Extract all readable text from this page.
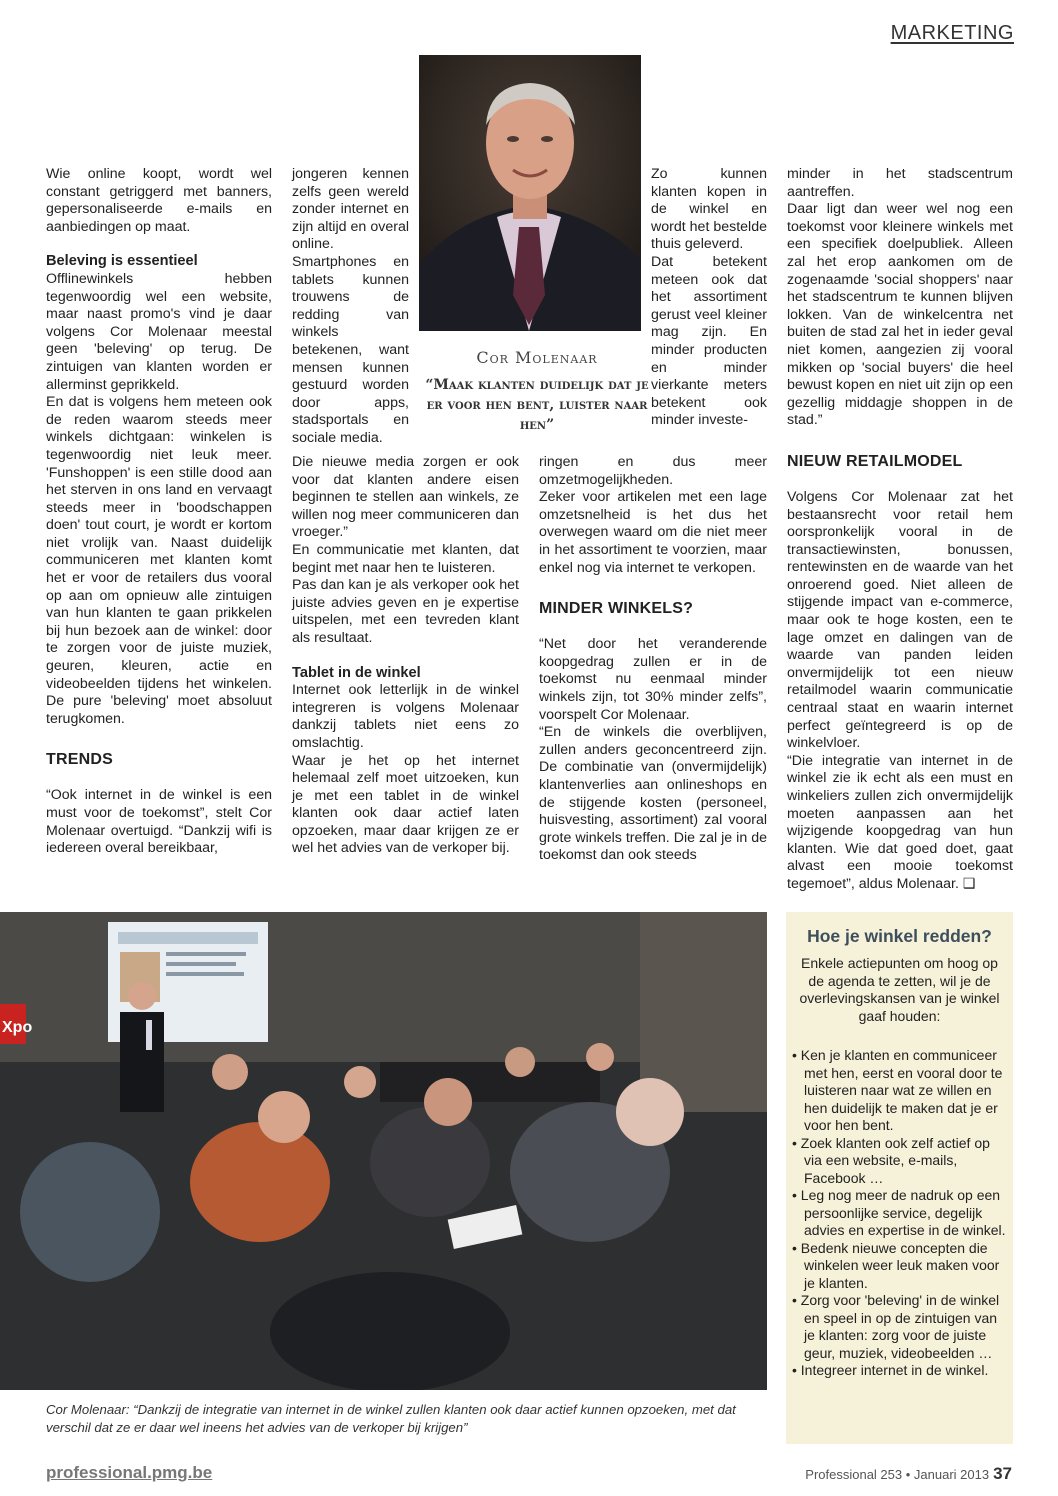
MARKETING

Wie online koopt, wordt wel constant getriggerd met banners, gepersonaliseerde e-mails en aanbiedingen op maat.

Beleving is essentieel

Offlinewinkels hebben tegenwoordig wel een website, maar naast promo's vind je daar volgens Cor Molenaar meestal geen 'beleving' op terug. De zintuigen van klanten worden er allerminst geprikkeld.

En dat is volgens hem meteen ook de reden waarom steeds meer winkels dichtgaan: winkelen is tegenwoordig niet leuk meer. 'Funshoppen' is een stille dood aan het sterven in ons land en vervaagt steeds meer in 'boodschappen doen' tout court, je wordt er kortom niet vrolijk van. Naast duidelijk communiceren met klanten komt het er voor de retailers dus vooral op aan om opnieuw alle zintuigen van hun klanten te gaan prikkelen bij hun bezoek aan de winkel: door te zorgen voor de juiste muziek, geuren, kleuren, actie en videobeelden tijdens het winkelen. De pure 'beleving' moet absoluut terugkomen.

TRENDS

“Ook internet in de winkel is een must voor de toekomst”, stelt Cor Molenaar overtuigd. “Dankzij wifi is iedereen overal bereikbaar,

jongeren kennen zelfs geen wereld zonder internet en zijn altijd en overal online. Smartphones en tablets kunnen trouwens de redding van winkels betekenen, want mensen kunnen gestuurd worden door apps, stadsportals en sociale media.

Die nieuwe media zorgen er ook voor dat klanten andere eisen beginnen te stellen aan winkels, ze willen nog meer communiceren dan vroeger.”

En communicatie met klanten, dat begint met naar hen te luisteren.

Pas dan kan je als verkoper ook het juiste advies geven en je expertise uitspelen, met een tevreden klant als resultaat.

Tablet in de winkel

Internet ook letterlijk in de winkel integreren is volgens Molenaar dankzij tablets niet eens zo omslachtig.

Waar je het op het internet helemaal zelf moet uitzoeken, kun je met een tablet in de winkel klanten ook daar actief laten opzoeken, maar daar krijgen ze er wel het advies van de verkoper bij.

Cor Molenaar
“Maak klanten duidelijk dat je er voor hen bent, luister naar hen”

Zo kunnen klanten kopen in de winkel en wordt het bestelde thuis geleverd.

Dat betekent meteen ook dat het assortiment gerust veel kleiner mag zijn. En minder producten en minder vierkante meters betekent ook minder investe-

ringen en dus meer omzetmogelijkheden.

Zeker voor artikelen met een lage omzetsnelheid is het dus het overwegen waard om die niet meer in het assortiment te voorzien, maar enkel nog via internet te verkopen.

MINDER WINKELS?

“Net door het veranderende koopgedrag zullen er in de toekomst nu eenmaal minder winkels zijn, tot 30% minder zelfs”, voorspelt Cor Molenaar.

“En de winkels die overblijven, zullen anders geconcentreerd zijn. De combinatie van (onvermijdelijk) klantenverlies aan onlineshops en de stijgende kosten (personeel, huisvesting, assortiment) zal vooral grote winkels treffen. Die zal je in de toekomst dan ook steeds

minder in het stadscentrum aantreffen.

Daar ligt dan weer wel nog een toekomst voor kleinere winkels met een specifiek doelpubliek. Alleen zal het erop aankomen om de zogenaamde 'social shoppers' naar het stadscentrum te kunnen blijven lokken. Van de winkelcentra net buiten de stad zal het in ieder geval niet komen, aangezien zij vooral mikken op 'social buyers' die heel bewust kopen en niet uit zijn op een gezellig middagje shoppen in de stad.”

NIEUW RETAILMODEL

Volgens Cor Molenaar zat het bestaansrecht voor retail hem oorspronkelijk vooral in de transactiewinsten, bonussen, rentewinsten en de waarde van het onroerend goed. Niet alleen de stijgende impact van e-commerce, maar ook te hoge kosten, een te lage omzet en dalingen van de waarde van panden leiden onvermijdelijk tot een nieuw retailmodel waarin communicatie centraal staat en waarin internet perfect geïntegreerd is op de winkelvloer.

“Die integratie van internet in de winkel zie ik echt als een must en winkeliers zullen zich onvermijdelijk moeten aanpassen aan het wijzigende koopgedrag van hun klanten. Wie dat goed doet, gaat alvast een mooie toekomst tegemoet”, aldus Molenaar. ❑

Xpo
Cor Molenaar: “Dankzij de integratie van internet in de winkel zullen klanten ook daar actief kunnen opzoeken, met dat verschil dat ze er daar wel ineens het advies van de verkoper bij krijgen”
Hoe je winkel redden?
Enkele actiepunten om hoog op de agenda te zetten, wil je de overlevingskansen van je winkel gaaf houden:
• Ken je klanten en communiceer met hen, eerst en vooral door te luisteren naar wat ze willen en hen duidelijk te maken dat je er voor hen bent.
• Zoek klanten ook zelf actief op via een website, e-mails, Facebook …
• Leg nog meer de nadruk op een persoonlijke service, degelijk advies en expertise in de winkel.
• Bedenk nieuwe concepten die winkelen weer leuk maken voor je klanten.
• Zorg voor 'beleving' in de winkel en speel in op de zintuigen van je klanten: zorg voor de juiste geur, muziek, videobeelden …
• Integreer internet in de winkel.
professional.pmg.be	Professional 253 • Januari 2013 37
